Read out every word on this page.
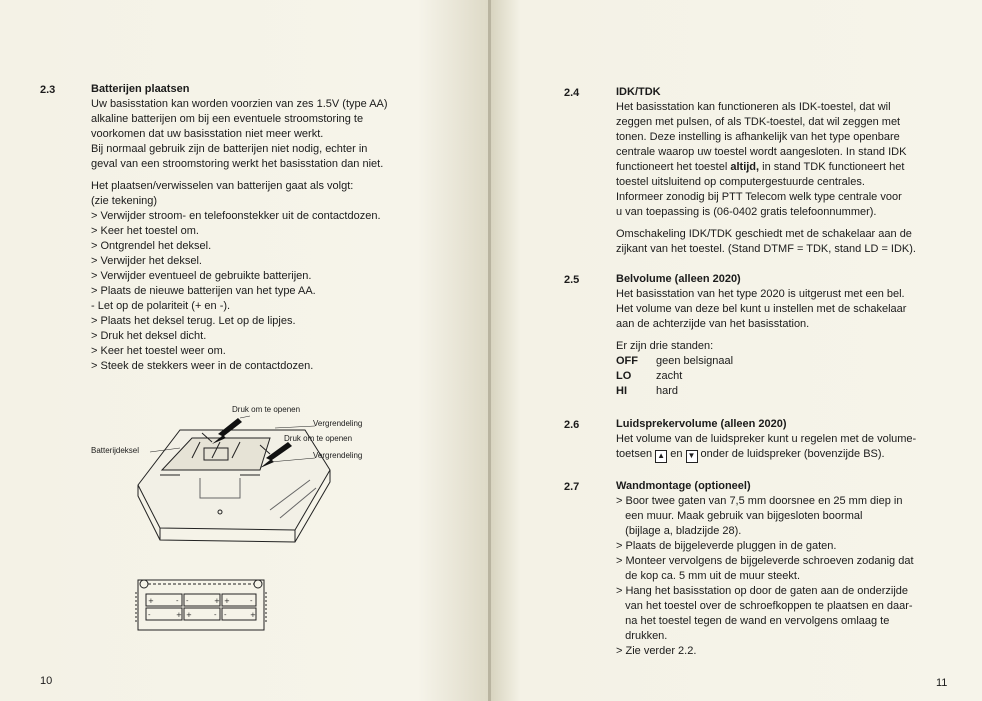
2.3	Batterijen plaatsen
Uw basisstation kan worden voorzien van zes 1.5V (type AA)
alkaline batterijen om bij een eventuele stroomstoring te
voorkomen dat uw basisstation niet meer werkt.
Bij normaal gebruik zijn de batterijen niet nodig, echter in
geval van een stroomstoring werkt het basisstation dan niet.
Het plaatsen/verwisselen van batterijen gaat als volgt:
(zie tekening)
> Verwijder stroom- en telefoonstekker uit de contactdozen.
> Keer het toestel om.
> Ontgrendel het deksel.
> Verwijder het deksel.
> Verwijder eventueel de gebruikte batterijen.
> Plaats de nieuwe batterijen van het type AA.
- Let op de polariteit (+ en -).
> Plaats het deksel terug. Let op de lipjes.
> Druk het deksel dicht.
> Keer het toestel weer om.
> Steek de stekkers weer in de contactdozen.
Druk om te openen
Vergrendeling
Druk om te openen
Vergrendeling
Batterijdeksel
+	- -	+ +	-
-	+ +	- -	+
10
2.4	IDK/TDK
Het basisstation kan functioneren als IDK-toestel, dat wil
zeggen met pulsen, of als TDK-toestel, dat wil zeggen met
tonen. Deze instelling is afhankelijk van het type openbare
centrale waarop uw toestel wordt aangesloten. In stand IDK
functioneert het toestel altijd, in stand TDK functioneert het
toestel uitsluitend op computergestuurde centrales.
Informeer zonodig bij PTT Telecom welk type centrale voor
u van toepassing is (06-0402 gratis telefoonnummer).
Omschakeling IDK/TDK geschiedt met de schakelaar aan de
zijkant van het toestel. (Stand DTMF = TDK, stand LD = IDK).
2.5	Belvolume (alleen 2020)
Het basisstation van het type 2020 is uitgerust met een bel.
Het volume van deze bel kunt u instellen met de schakelaar
aan de achterzijde van het basisstation.
Er zijn drie standen:
OFF	geen belsignaal
LO	zacht
HI	hard
2.6	Luidsprekervolume (alleen 2020)
Het volume van de luidspreker kunt u regelen met de volume-
toetsen ▲ en ▼ onder de luidspreker (bovenzijde BS).
2.7	Wandmontage (optioneel)
> Boor twee gaten van 7,5 mm doorsnee en 25 mm diep in
een muur. Maak gebruik van bijgesloten boormal
(bijlage a, bladzijde 28).
> Plaats de bijgeleverde pluggen in de gaten.
> Monteer vervolgens de bijgeleverde schroeven zodanig dat
de kop ca. 5 mm uit de muur steekt.
> Hang het basisstation op door de gaten aan de onderzijde
van het toestel over de schroefkoppen te plaatsen en daar-
na het toestel tegen de wand en vervolgens omlaag te
drukken.
> Zie verder 2.2.
11
